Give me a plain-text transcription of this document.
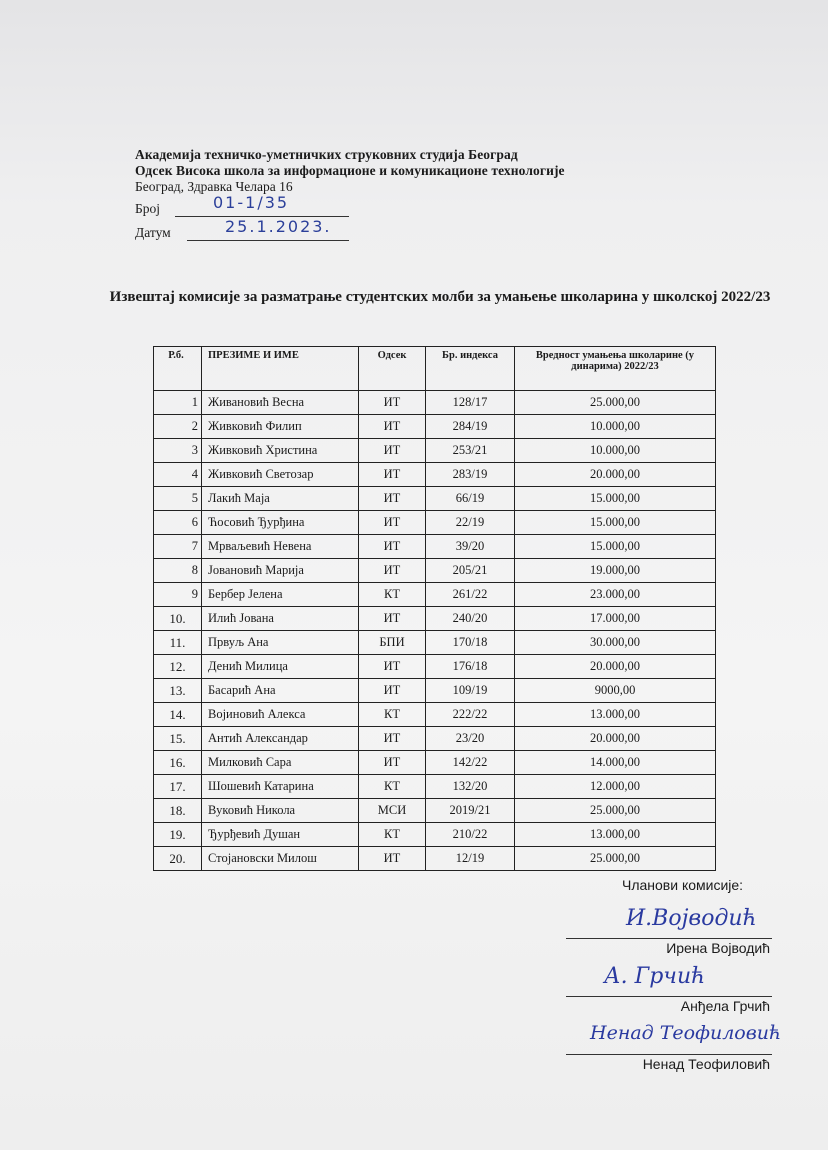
Академија техничко-уметничких струковних студија Београд
Одсек Висока школа за информационе и комуникационе технологије
Београд, Здравка Челара 16
Број	01-1/35
Датум	25.1.2023.
Извештај комисије за разматрање студентских молби за умањење школарина у школској 2022/23
Р.б.	ПРЕЗИМЕ И ИМЕ	Одсек	Бр. индекса	Вредност умањења школарине (у динарима) 2022/23
1	Живановић Весна	ИТ	128/17	25.000,00
2	Живковић Филип	ИТ	284/19	10.000,00
3	Живковић Христина	ИТ	253/21	10.000,00
4	Живковић Светозар	ИТ	283/19	20.000,00
5	Лакић Маја	ИТ	66/19	15.000,00
6	Ћосовић Ђурђина	ИТ	22/19	15.000,00
7	Мрваљевић Невена	ИТ	39/20	15.000,00
8	Јовановић Марија	ИТ	205/21	19.000,00
9	Бербер Јелена	КТ	261/22	23.000,00
10.	Илић Јована	ИТ	240/20	17.000,00
11.	Првуљ Ана	БПИ	170/18	30.000,00
12.	Денић Милица	ИТ	176/18	20.000,00
13.	Басарић Ана	ИТ	109/19	9000,00
14.	Војиновић Алекса	КТ	222/22	13.000,00
15.	Антић Александар	ИТ	23/20	20.000,00
16.	Милковић Сара	ИТ	142/22	14.000,00
17.	Шошевић Катарина	КТ	132/20	12.000,00
18.	Вуковић Никола	МСИ	2019/21	25.000,00
19.	Ђурђевић Душан	КТ	210/22	13.000,00
20.	Стојановски Милош	ИТ	12/19	25.000,00
Чланови комисије:
И.Војводић
Ирена Војводић
А. Грчић
Анђела Грчић
Ненад Теофиловић
Ненад Теофиловић
